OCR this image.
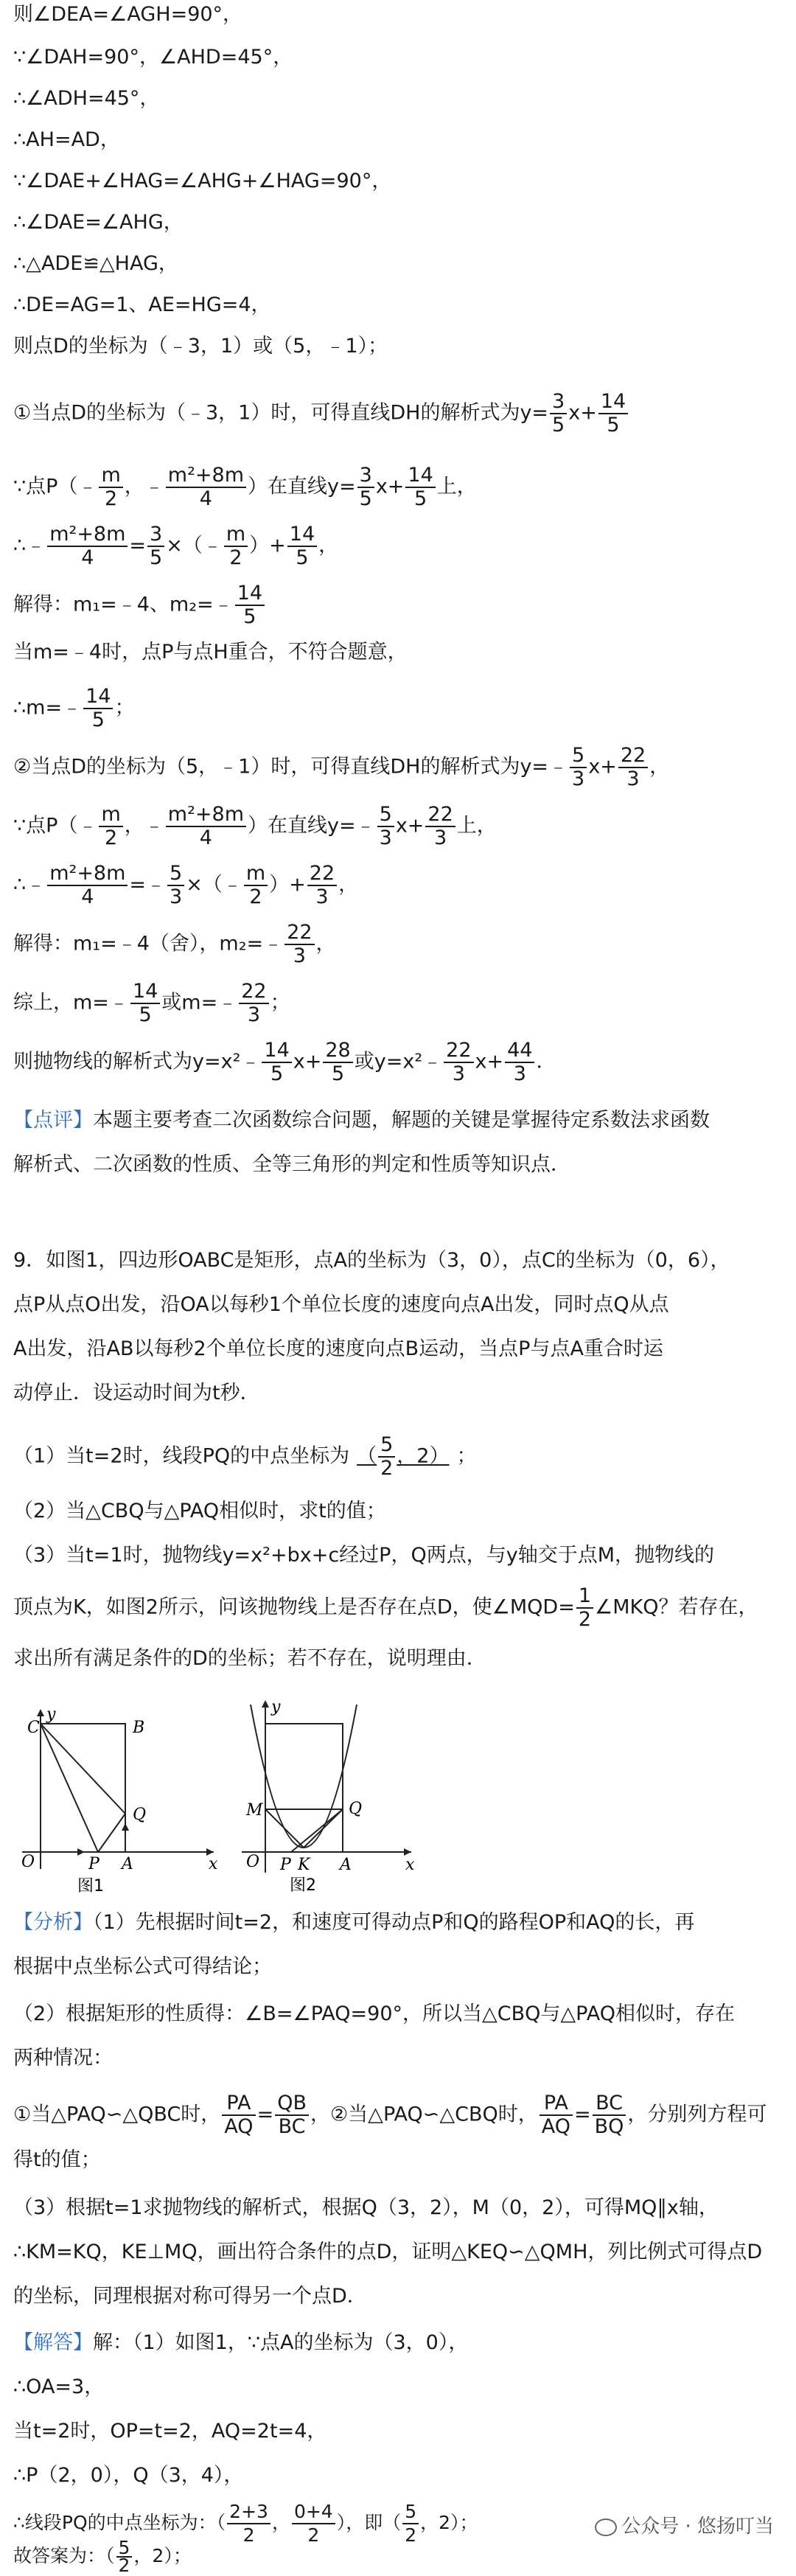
则∠DEA=∠AGH=90°，
∵∠DAH=90°，∠AHD=45°，
∴∠ADH=45°，
∴AH=AD，
∵∠DAE+∠HAG=∠AHG+∠HAG=90°，
∴∠DAE=∠AHG，
∴△ADE≌△HAG，
∴DE=AG=1、AE=HG=4，
则点D的坐标为（﹣3，1）或（5，﹣1）；
①当点D的坐标为（﹣3，1）时，可得直线DH的解析式为$y= \frac{3}{5} x+ \frac{14}{5}$
∵点P（﹣ $\frac{m}{2}$ ，﹣ $\frac{\text{m²+8m}}{4}$ ）在直线$y= \frac{3}{5} x+ \frac{14}{5}$ 上，
∴﹣ $\frac{\text{m²+8m}}{4} = \frac{3}{5}$ ×（﹣ $\frac{m}{2}$ ）+ $\frac{14}{5}$ ，
解得：m₁=﹣4、m₂=﹣ $\frac{14}{5}$
当m=﹣4时，点P与点H重合，不符合题意，
∴m=﹣ $\frac{14}{5}$ ；
②当点D的坐标为（5，﹣1）时，可得直线DH的解析式为y=﹣ $\frac{5}{3} x+ \frac{22}{3}$ ，
∵点P（﹣ $\frac{m}{2}$ ，﹣ $\frac{\text{m²+8m}}{4}$ ）在直线y=﹣ $\frac{5}{3} x+ \frac{22}{3}$ 上，
∴﹣ $\frac{\text{m²+8m}}{4}$ =﹣ $\frac{5}{3}$ ×（﹣ $\frac{m}{2}$ ）+ $\frac{22}{3}$ ，
解得：m₁=﹣4（舍），m₂=﹣ $\frac{22}{3}$ ，
综上，m=﹣ $\frac{14}{5}$ 或m=﹣ $\frac{22}{3}$ ；
则抛物线的解析式为y=x²﹣ $\frac{14}{5} x+ \frac{28}{5}$ 或y=x²﹣ $\frac{22}{3} x+ \frac{44}{3}$ ．
【点评】本题主要考查二次函数综合问题，解题的关键是掌握待定系数法求函数
解析式、二次函数的性质、全等三角形的判定和性质等知识点．
9．如图1，四边形OABC是矩形，点A的坐标为（3，0），点C的坐标为（0，6），
点P从点O出发，沿OA以每秒1个单位长度的速度向点A出发，同时点Q从点
A出发，沿AB以每秒2个单位长度的速度向点B运动，当点P与点A重合时运
动停止．设运动时间为t秒．
（1）当t=2时，线段PQ的中点坐标为 （ $\frac{5}{2}$ ，2） ；
（2）当△CBQ与△PAQ相似时，求t的值；
（3）当t=1时，抛物线y=x²+bx+c经过P，Q两点，与y轴交于点M，抛物线的
顶点为K，如图2所示，问该抛物线上是否存在点D，使∠MQD= $\frac{1}{2}$ ∠MKQ？若存在，
求出所有满足条件的D的坐标；若不存在，说明理由．
C	B
Q
O	P A	x
y
图1
M	Q
O P K A	x
y
图2
【分析】（1）先根据时间t=2，和速度可得动点P和Q的路程OP和AQ的长，再
根据中点坐标公式可得结论；
（2）根据矩形的性质得：∠B=∠PAQ=90°，所以当△CBQ与△PAQ相似时，存在
两种情况：
①当△PAQ∽△QBC时， $\frac{PA}{AQ} = \frac{QB}{BC}$ ，②当△PAQ∽△CBQ时， $\frac{PA}{AQ} = \frac{BC}{BQ}$ ，分别列方程可
得t的值；
（3）根据t=1求抛物线的解析式，根据Q（3，2），M（0，2），可得MQ∥x轴，
∴KM=KQ，KE⊥MQ，画出符合条件的点D，证明△KEQ∽△QMH，列比例式可得点D
的坐标，同理根据对称可得另一个点D．
【解答】解：（1）如图1，∵点A的坐标为（3，0），
∴OA=3，
当t=2时，OP=t=2，AQ=2t=4，
∴P（2，0），Q（3，4），
∴线段PQ的中点坐标为：（ $\frac{2+3}{2}$ ， $\frac{0+4}{2}$ ），即（ $\frac{5}{2}$ ，2）；
故答案为：（ $\frac{5}{2}$ ，2）；
公众号 · 悠扬叮当
